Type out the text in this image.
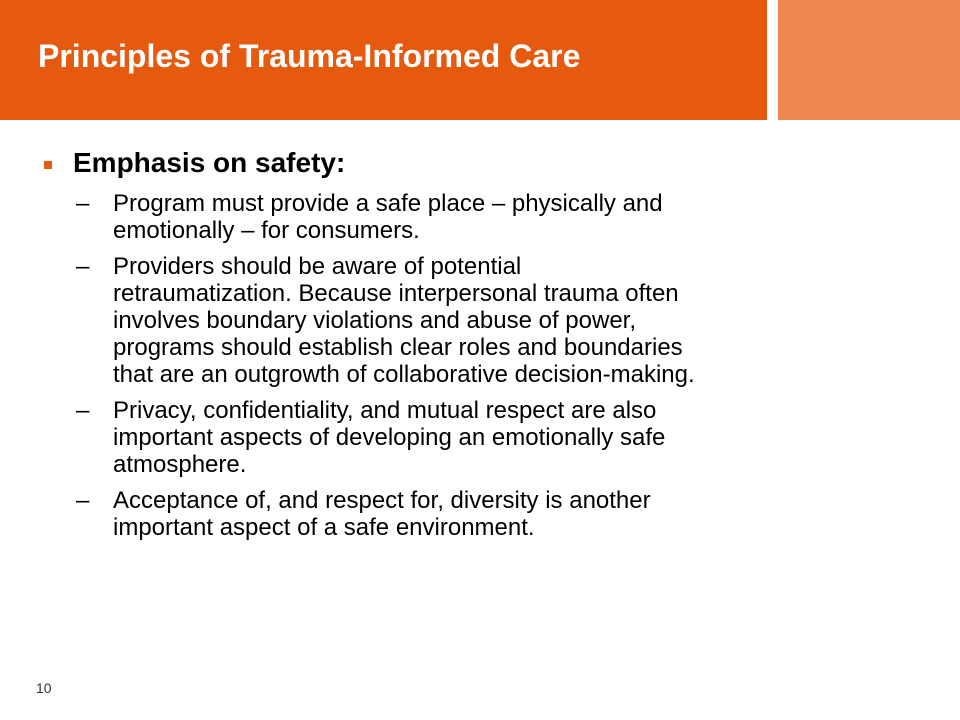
Principles of Trauma-Informed Care
Emphasis on safety:
– Program must provide a safe place – physically and
emotionally – for consumers.
– Providers should be aware of potential
retraumatization. Because interpersonal trauma often
involves boundary violations and abuse of power,
programs should establish clear roles and boundaries
that are an outgrowth of collaborative decision-making.
– Privacy, confidentiality, and mutual respect are also
important aspects of developing an emotionally safe
atmosphere.
– Acceptance of, and respect for, diversity is another
important aspect of a safe environment.
10
